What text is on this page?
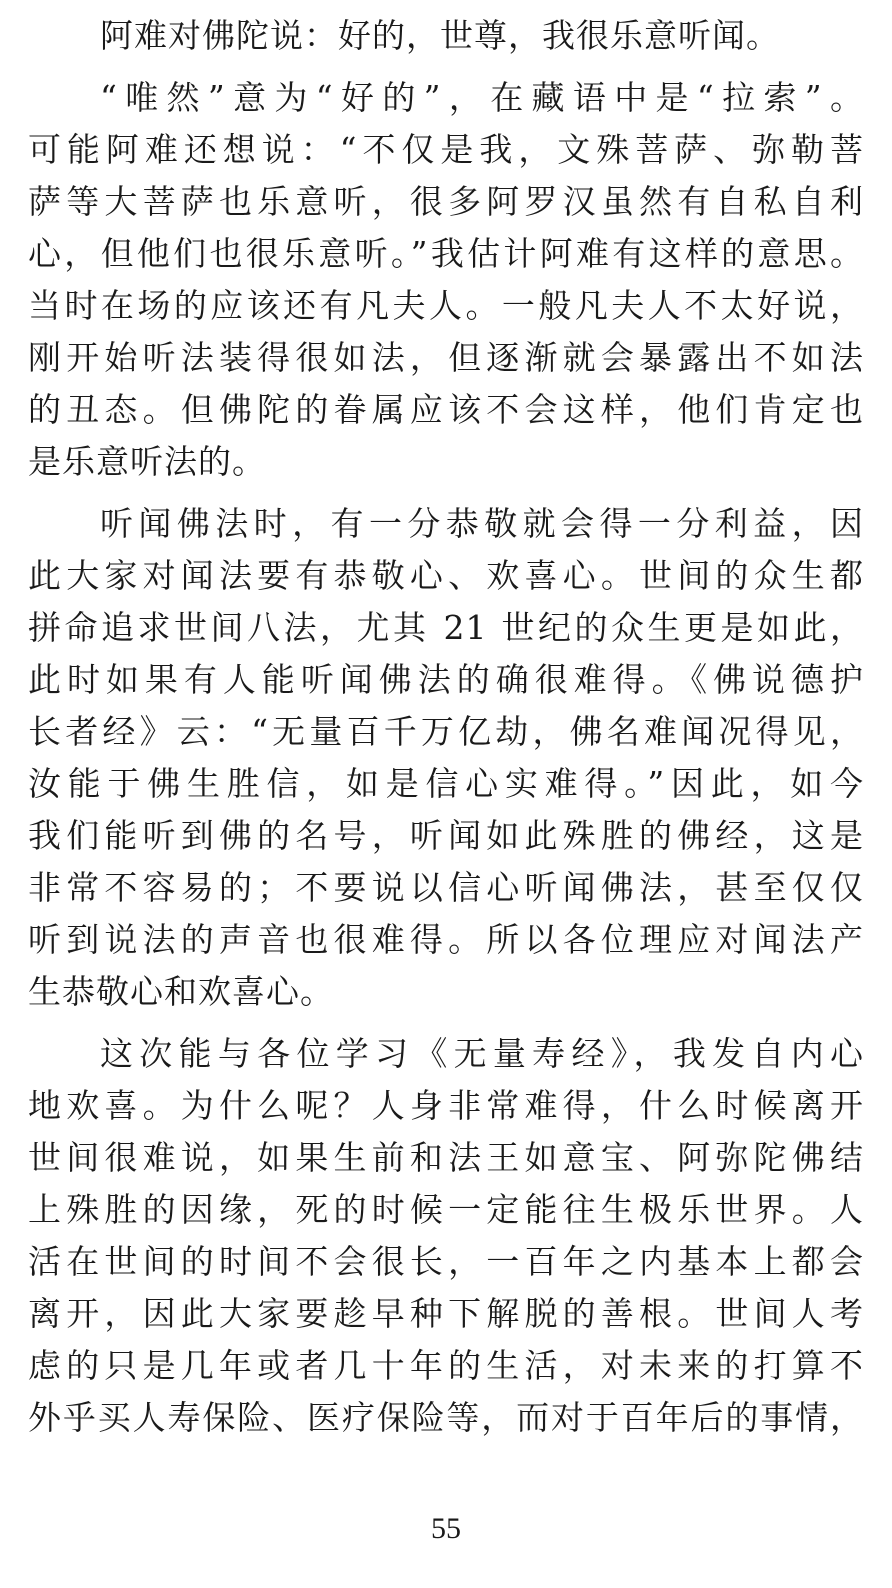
阿难对佛陀说：好的，世尊，我很乐意听闻。
“唯然”意为“好的”，在藏语中是“拉索”。
可能阿难还想说：“不仅是我，文殊菩萨、弥勒菩
萨等大菩萨也乐意听，很多阿罗汉虽然有自私自利
心，但他们也很乐意听。”我估计阿难有这样的意思。
当时在场的应该还有凡夫人。一般凡夫人不太好说，
刚开始听法装得很如法，但逐渐就会暴露出不如法
的丑态。但佛陀的眷属应该不会这样，他们肯定也
是乐意听法的。
听闻佛法时，有一分恭敬就会得一分利益，因
此大家对闻法要有恭敬心、欢喜心。世间的众生都
拼命追求世间八法，尤其 21 世纪的众生更是如此，
此时如果有人能听闻佛法的确很难得。《佛说德护
长者经》云：“无量百千万亿劫，佛名难闻况得见，
汝能于佛生胜信，如是信心实难得。”因此，如今
我们能听到佛的名号，听闻如此殊胜的佛经，这是
非常不容易的；不要说以信心听闻佛法，甚至仅仅
听到说法的声音也很难得。所以各位理应对闻法产
生恭敬心和欢喜心。
这次能与各位学习《无量寿经》，我发自内心
地欢喜。为什么呢？人身非常难得，什么时候离开
世间很难说，如果生前和法王如意宝、阿弥陀佛结
上殊胜的因缘，死的时候一定能往生极乐世界。人
活在世间的时间不会很长，一百年之内基本上都会
离开，因此大家要趁早种下解脱的善根。世间人考
虑的只是几年或者几十年的生活，对未来的打算不
外乎买人寿保险、医疗保险等，而对于百年后的事情，
55
